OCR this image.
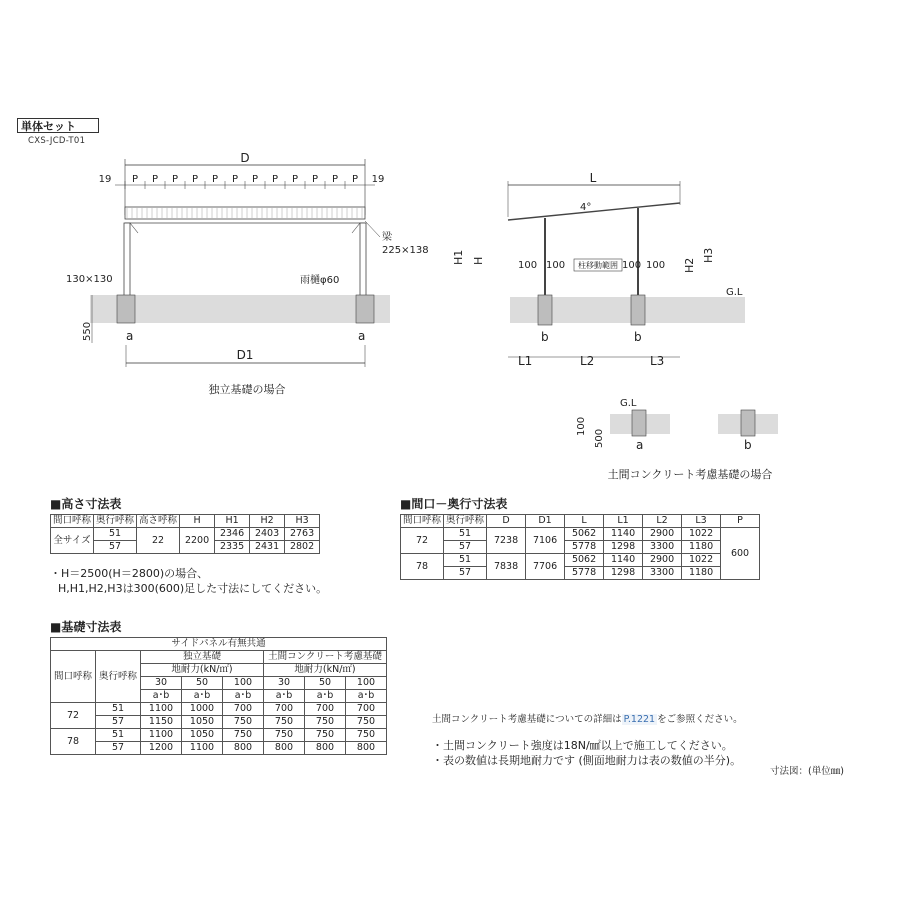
単体セット
CXS-JCD-T01
D
19	19
P P P P P P P P P P P P
梁
225×138
130×130	雨樋φ60
550	a	a
D1
独立基礎の場合
L
4°
H1 H	H2
H3
G.L
100 100 柱移動範囲 100 100
b	b
L1	L2	L3
G.L
100
500	a	b
土間コンクリート考慮基礎の場合
■高さ寸法表
間口呼称	奥行呼称	高さ呼称	H	H1	H2	H3
全サイズ	51	22	2200	2346	2403	2763
	57			2335	2431	2802
・H＝2500(H＝2800)の場合、
H,H1,H2,H3は300(600)足した寸法にしてください。
■間口－奥行寸法表
間口呼称	奥行呼称	D	D1	L	L1	L2	L3	P
72	51	7238	7106	5062	1140	2900	1022	600
	57			5778	1298	3300	1180	
78	51	7838	7706	5062	1140	2900	1022	
	57			5778	1298	3300	1180	
■基礎寸法表
サイドパネル有無共通							
間口呼称	奥行呼称	独立基礎			土間コンクリート考慮基礎		
		地耐力(kN/㎡)			地耐力(kN/㎡)		
		30	50	100	30	50	100
		a･b	a･b	a･b	a･b	a･b	a･b
72	51	1100	1000	700	700	700	700
	57	1150	1050	750	750	750	750
78	51	1100	1050	750	750	750	750
	57	1200	1100	800	800	800	800
土間コンクリート考慮基礎についての詳細は P.1221 をご参照ください。
・土間コンクリート強度は18N/㎟以上で施工してください。
・表の数値は長期地耐力です (側面地耐力は表の数値の半分)。
寸法図：(単位㎜)
